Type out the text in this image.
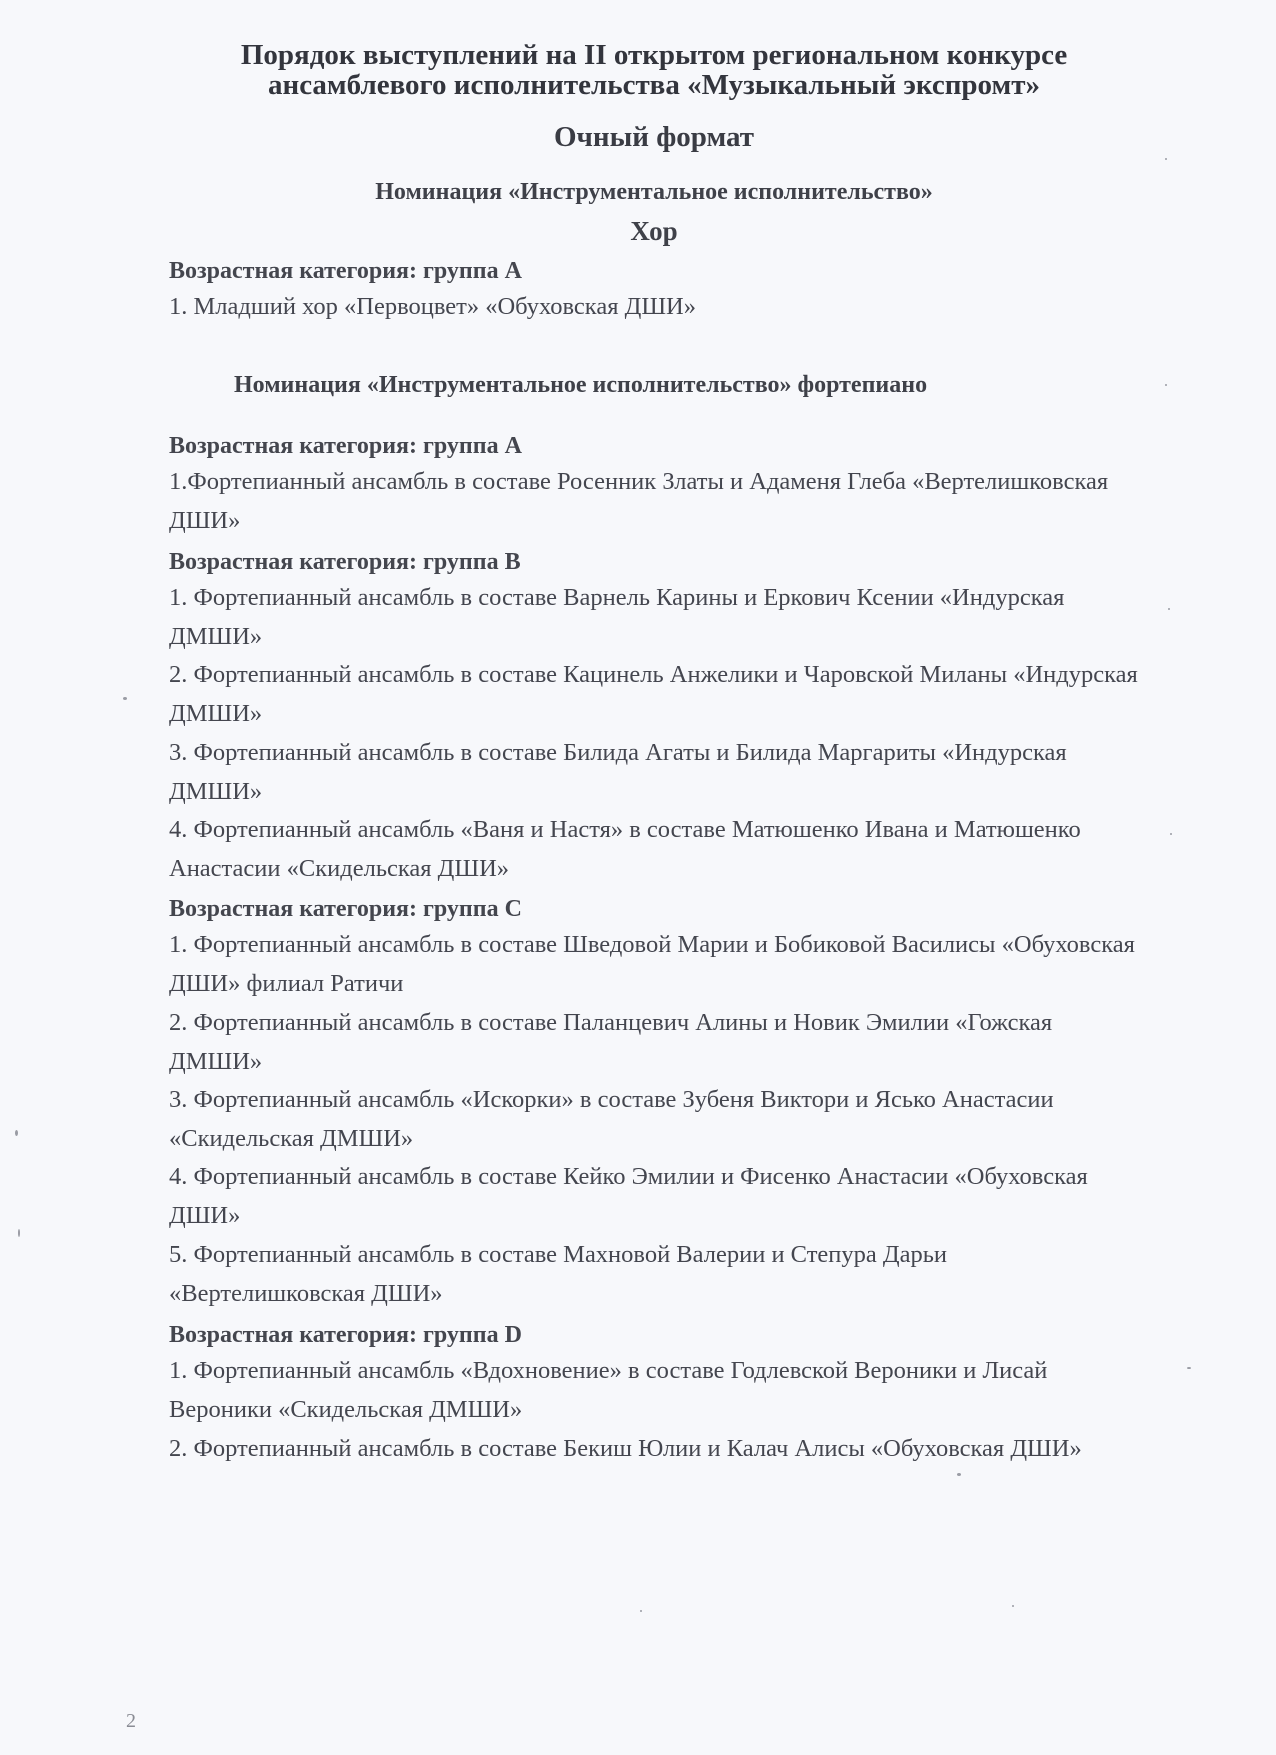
Порядок выступлений на II открытом региональном конкурсе
ансамблевого исполнительства «Музыкальный экспромт»
Очный формат
Номинация «Инструментальное исполнительство»
Хор

Возрастная категория: группа А

1. Младший хор «Первоцвет» «Обуховская ДШИ»

Номинация «Инструментальное исполнительство» фортепиано

Возрастная категория: группа А

1.Фортепианный ансамбль в составе Росенник Златы и Адаменя Глеба «Вертелишковская ДШИ»

Возрастная категория: группа В

1. Фортепианный ансамбль в составе Варнель Карины и Еркович Ксении «Индурская ДМШИ»

2. Фортепианный ансамбль в составе Кацинель Анжелики и Чаровской Миланы «Индурская ДМШИ»

3. Фортепианный ансамбль в составе Билида Агаты и Билида Маргариты «Индурская ДМШИ»

4. Фортепианный ансамбль «Ваня и Настя» в составе Матюшенко Ивана и Матюшенко Анастасии «Скидельская ДШИ»

Возрастная категория: группа С

1. Фортепианный ансамбль в составе Шведовой Марии и Бобиковой Василисы «Обуховская ДШИ» филиал Ратичи

2. Фортепианный ансамбль в составе Паланцевич Алины и Новик Эмилии «Гожская ДМШИ»

3. Фортепианный ансамбль «Искорки» в составе Зубеня Виктори и Ясько Анастасии «Скидельская ДМШИ»

4. Фортепианный ансамбль в составе Кейко Эмилии и Фисенко Анастасии «Обуховская ДШИ»

5. Фортепианный ансамбль в составе Махновой Валерии и Степура Дарьи «Вертелишковская ДШИ»

Возрастная категория: группа D

1. Фортепианный ансамбль «Вдохновение» в составе Годлевской Вероники и Лисай Вероники «Скидельская ДМШИ»

2. Фортепианный ансамбль в составе Бекиш Юлии и Калач Алисы «Обуховская ДШИ»

2
